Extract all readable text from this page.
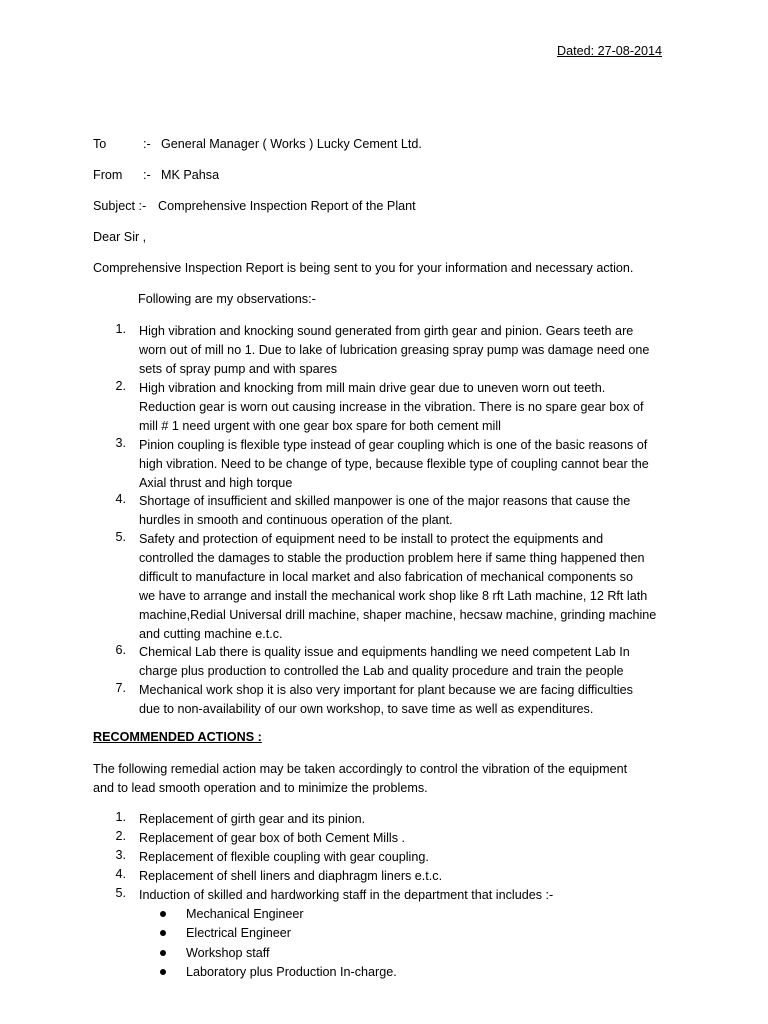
Dated: 27-08-2014
To	:- General Manager ( Works ) Lucky Cement Ltd.
From :- MK Pahsa
Subject :- Comprehensive Inspection Report of the Plant
Dear Sir ,
Comprehensive Inspection Report is being sent to you for your information and necessary action.
Following are my observations:-
1. High vibration and knocking sound generated from girth gear and pinion. Gears teeth are
worn out of mill no 1. Due to lake of lubrication greasing spray pump was damage need one
sets of spray pump and with spares
2. High vibration and knocking from mill main drive gear due to uneven worn out teeth.
Reduction gear is worn out causing increase in the vibration. There is no spare gear box of
mill # 1 need urgent with one gear box spare for both cement mill
3. Pinion coupling is flexible type instead of gear coupling which is one of the basic reasons of
high vibration. Need to be change of type, because flexible type of coupling cannot bear the
Axial thrust and high torque
4. Shortage of insufficient and skilled manpower is one of the major reasons that cause the
hurdles in smooth and continuous operation of the plant.
5. Safety and protection of equipment need to be install to protect the equipments and
controlled the damages to stable the production problem here if same thing happened then
difficult to manufacture in local market and also fabrication of mechanical components so
we have to arrange and install the mechanical work shop like 8 rft Lath machine, 12 Rft lath
machine,Redial Universal drill machine, shaper machine, hecsaw machine, grinding machine
and cutting machine e.t.c.
6. Chemical Lab there is quality issue and equipments handling we need competent Lab In
charge plus production to controlled the Lab and quality procedure and train the people
7. Mechanical work shop it is also very important for plant because we are facing difficulties
due to non-availability of our own workshop, to save time as well as expenditures.
RECOMMENDED ACTIONS :
The following remedial action may be taken accordingly to control the vibration of the equipment
and to lead smooth operation and to minimize the problems.
1. Replacement of girth gear and its pinion.
2. Replacement of gear box of both Cement Mills .
3. Replacement of flexible coupling with gear coupling.
4. Replacement of shell liners and diaphragm liners e.t.c.
5. Induction of skilled and hardworking staff in the department that includes :-
Mechanical Engineer
Electrical Engineer
Workshop staff
Laboratory plus Production In-charge.
